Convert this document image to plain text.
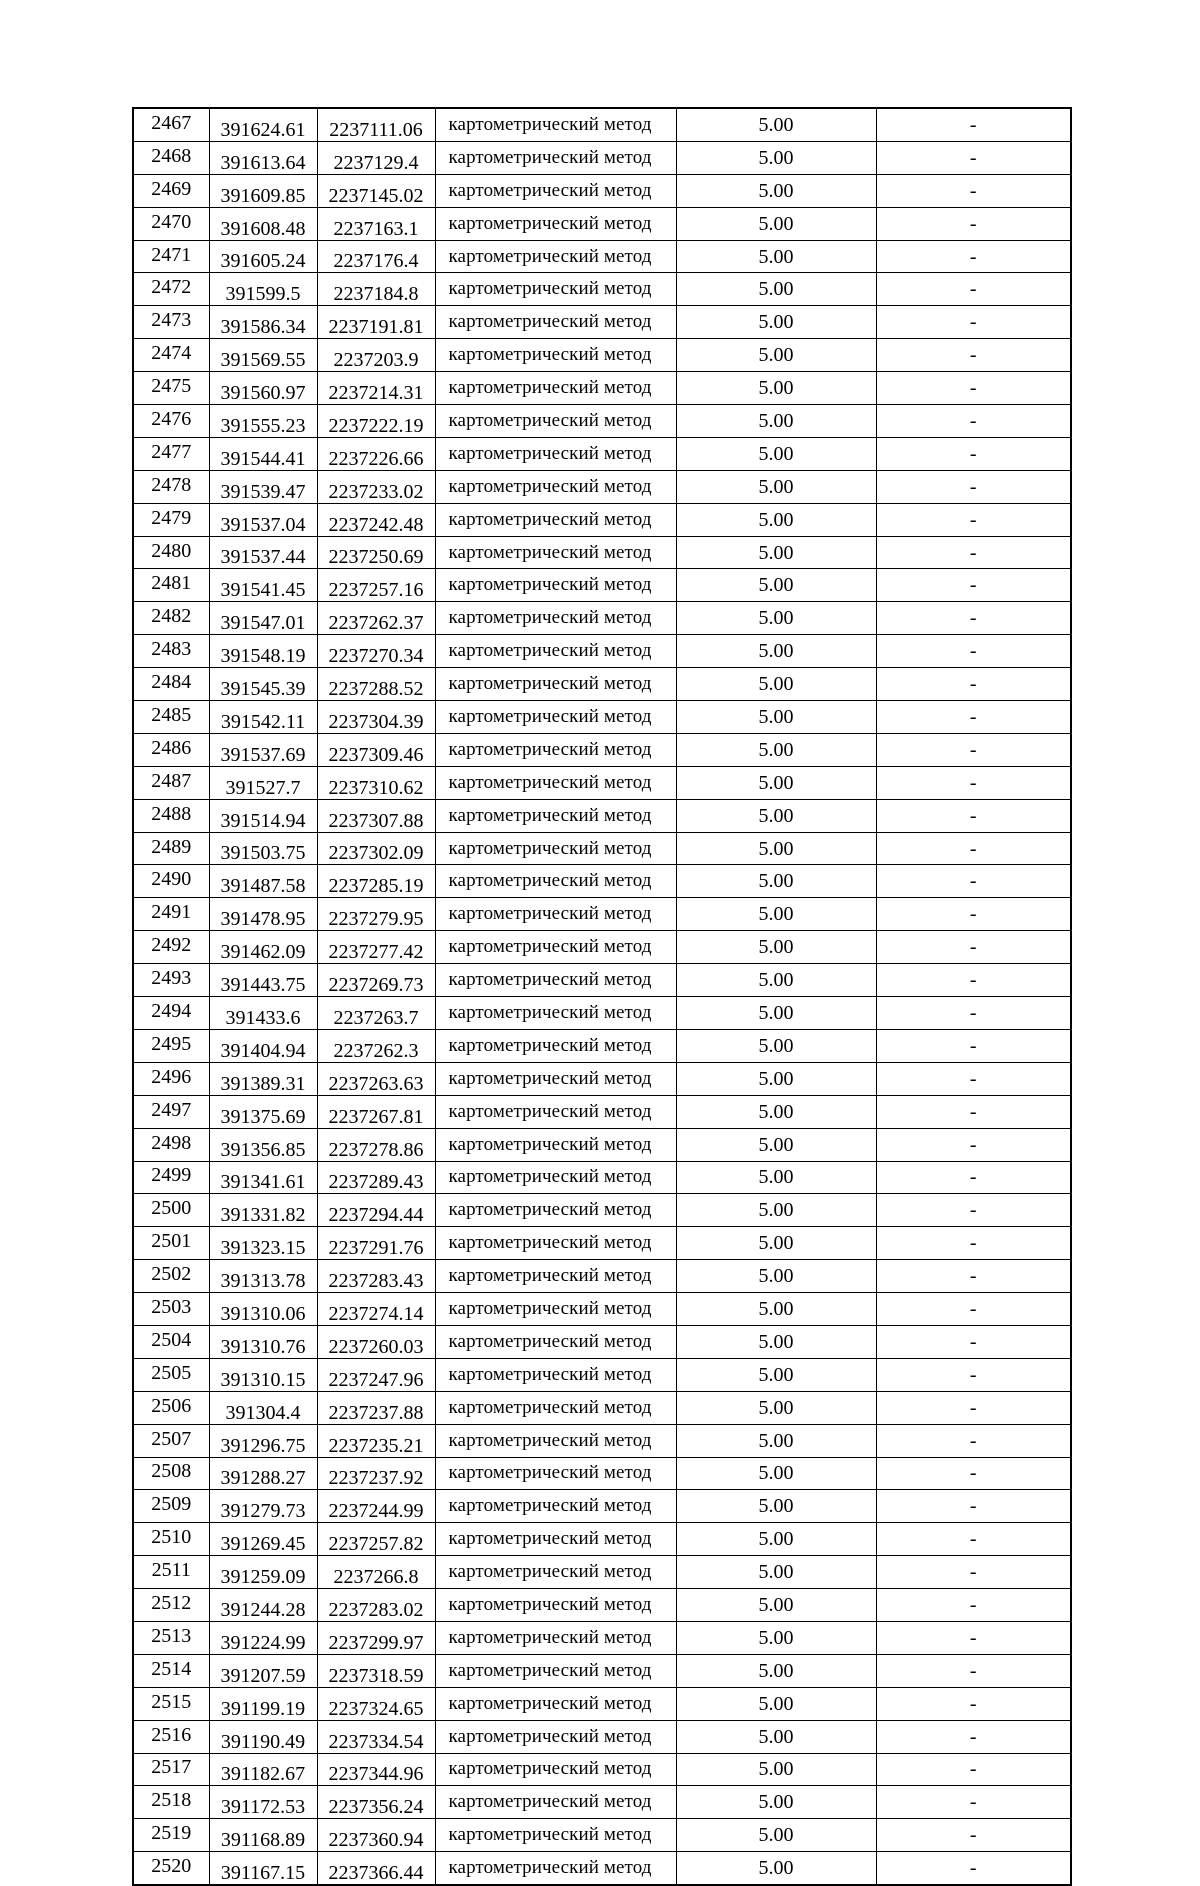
2467	391624.61	2237111.06	картометрический метод	5.00	-
2468	391613.64	2237129.4	картометрический метод	5.00	-
2469	391609.85	2237145.02	картометрический метод	5.00	-
2470	391608.48	2237163.1	картометрический метод	5.00	-
2471	391605.24	2237176.4	картометрический метод	5.00	-
2472	391599.5	2237184.8	картометрический метод	5.00	-
2473	391586.34	2237191.81	картометрический метод	5.00	-
2474	391569.55	2237203.9	картометрический метод	5.00	-
2475	391560.97	2237214.31	картометрический метод	5.00	-
2476	391555.23	2237222.19	картометрический метод	5.00	-
2477	391544.41	2237226.66	картометрический метод	5.00	-
2478	391539.47	2237233.02	картометрический метод	5.00	-
2479	391537.04	2237242.48	картометрический метод	5.00	-
2480	391537.44	2237250.69	картометрический метод	5.00	-
2481	391541.45	2237257.16	картометрический метод	5.00	-
2482	391547.01	2237262.37	картометрический метод	5.00	-
2483	391548.19	2237270.34	картометрический метод	5.00	-
2484	391545.39	2237288.52	картометрический метод	5.00	-
2485	391542.11	2237304.39	картометрический метод	5.00	-
2486	391537.69	2237309.46	картометрический метод	5.00	-
2487	391527.7	2237310.62	картометрический метод	5.00	-
2488	391514.94	2237307.88	картометрический метод	5.00	-
2489	391503.75	2237302.09	картометрический метод	5.00	-
2490	391487.58	2237285.19	картометрический метод	5.00	-
2491	391478.95	2237279.95	картометрический метод	5.00	-
2492	391462.09	2237277.42	картометрический метод	5.00	-
2493	391443.75	2237269.73	картометрический метод	5.00	-
2494	391433.6	2237263.7	картометрический метод	5.00	-
2495	391404.94	2237262.3	картометрический метод	5.00	-
2496	391389.31	2237263.63	картометрический метод	5.00	-
2497	391375.69	2237267.81	картометрический метод	5.00	-
2498	391356.85	2237278.86	картометрический метод	5.00	-
2499	391341.61	2237289.43	картометрический метод	5.00	-
2500	391331.82	2237294.44	картометрический метод	5.00	-
2501	391323.15	2237291.76	картометрический метод	5.00	-
2502	391313.78	2237283.43	картометрический метод	5.00	-
2503	391310.06	2237274.14	картометрический метод	5.00	-
2504	391310.76	2237260.03	картометрический метод	5.00	-
2505	391310.15	2237247.96	картометрический метод	5.00	-
2506	391304.4	2237237.88	картометрический метод	5.00	-
2507	391296.75	2237235.21	картометрический метод	5.00	-
2508	391288.27	2237237.92	картометрический метод	5.00	-
2509	391279.73	2237244.99	картометрический метод	5.00	-
2510	391269.45	2237257.82	картометрический метод	5.00	-
2511	391259.09	2237266.8	картометрический метод	5.00	-
2512	391244.28	2237283.02	картометрический метод	5.00	-
2513	391224.99	2237299.97	картометрический метод	5.00	-
2514	391207.59	2237318.59	картометрический метод	5.00	-
2515	391199.19	2237324.65	картометрический метод	5.00	-
2516	391190.49	2237334.54	картометрический метод	5.00	-
2517	391182.67	2237344.96	картометрический метод	5.00	-
2518	391172.53	2237356.24	картометрический метод	5.00	-
2519	391168.89	2237360.94	картометрический метод	5.00	-
2520	391167.15	2237366.44	картометрический метод	5.00	-
